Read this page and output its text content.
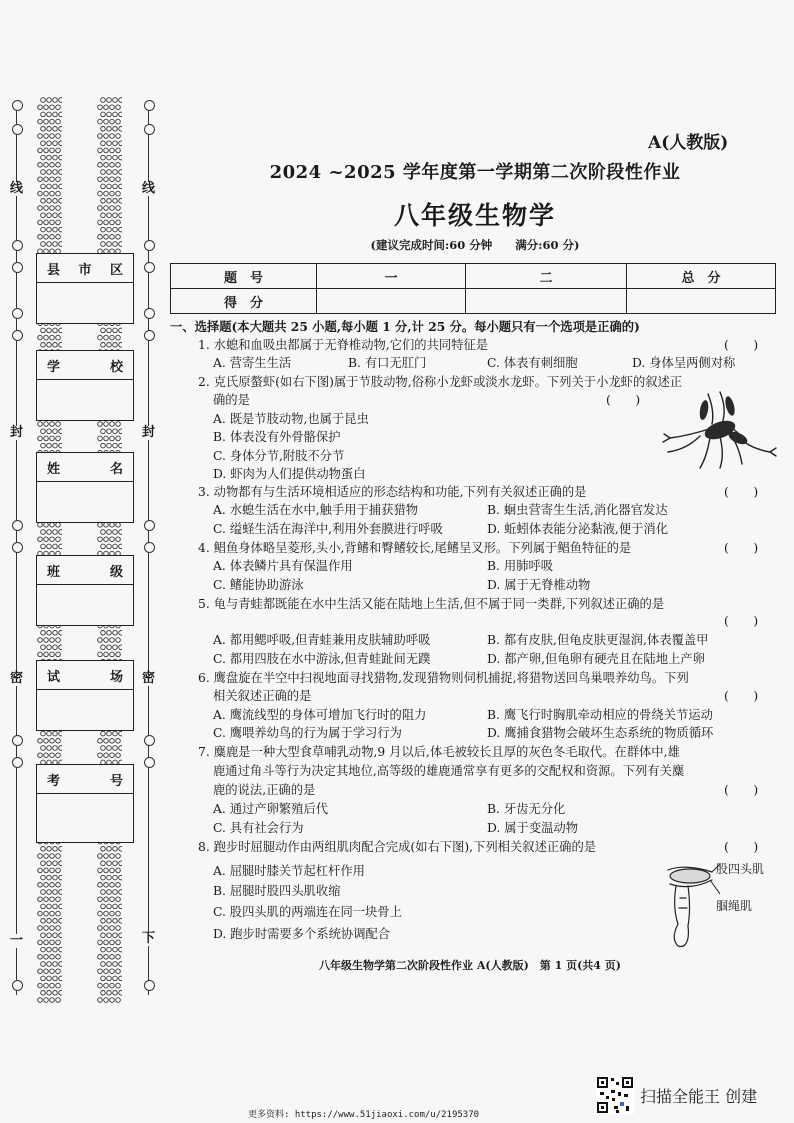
线	线
封	封
密	密
下
一
县 市 区
学	校
姓	名
班	级
试	场
考	号
A(人教版)
2024 ~2025 学年度第一学期第二次阶段性作业
八年级生物学
(建议完成时间:60 分钟　　满分:60 分)
题　号	一	二	总　分
得　分			
一、选择题(本大题共 25 小题,每小题 1 分,计 25 分。每小题只有一个选项是正确的)
1. 水螅和血吸虫都属于无脊椎动物,它们的共同特征是	(　　)
A. 营寄生生活	B. 有口无肛门	C. 体表有刺细胞	D. 身体呈两侧对称
2. 克氏原螯虾(如右下图)属于节肢动物,俗称小龙虾或淡水龙虾。下列关于小龙虾的叙述正
确的是	(　　)
A. 既是节肢动物,也属于昆虫
B. 体表没有外骨骼保护
C. 身体分节,附肢不分节
D. 虾肉为人们提供动物蛋白
3. 动物都有与生活环境相适应的形态结构和功能,下列有关叙述正确的是	(　　)
A. 水螅生活在水中,触手用于捕获猎物	B. 蛔虫营寄生生活,消化器官发达
C. 缢蛏生活在海洋中,利用外套膜进行呼吸	D. 蚯蚓体表能分泌黏液,便于消化
4. 鲳鱼身体略呈菱形,头小,背鳍和臀鳍较长,尾鳍呈叉形。下列属于鲳鱼特征的是	(　　)
A. 体表鳞片具有保温作用	B. 用肺呼吸
C. 鳍能协助游泳	D. 属于无脊椎动物
5. 龟与青蛙都既能在水中生活又能在陆地上生活,但不属于同一类群,下列叙述正确的是
(　　)
A. 都用鳃呼吸,但青蛙兼用皮肤辅助呼吸	B. 都有皮肤,但龟皮肤更湿润,体表覆盖甲
C. 都用四肢在水中游泳,但青蛙趾间无蹼	D. 都产卵,但龟卵有硬壳且在陆地上产卵
6. 鹰盘旋在半空中扫视地面寻找猎物,发现猎物则伺机捕捉,将猎物送回鸟巢喂养幼鸟。下列
相关叙述正确的是	(　　)
A. 鹰流线型的身体可增加飞行时的阻力	B. 鹰飞行时胸肌牵动相应的骨绕关节运动
C. 鹰喂养幼鸟的行为属于学习行为	D. 鹰捕食猎物会破坏生态系统的物质循环
7. 麋鹿是一种大型食草哺乳动物,9 月以后,体毛被较长且厚的灰色冬毛取代。在群体中,雄
鹿通过角斗等行为决定其地位,高等级的雄鹿通常享有更多的交配权和资源。下列有关麋
鹿的说法,正确的是	(　　)
A. 通过产卵繁殖后代	B. 牙齿无分化
C. 具有社会行为	D. 属于变温动物
8. 跑步时屈腿动作由两组肌肉配合完成(如右下图),下列相关叙述正确的是	(　　)
A. 屈腿时膝关节起杠杆作用
B. 屈腿时股四头肌收缩
C. 股四头肌的两端连在同一块骨上
D. 跑步时需要多个系统协调配合
股四头肌
腘绳肌
八年级生物学第二次阶段性作业 A(人教版)　第 1 页(共4 页)
扫描全能王 创建
更多资料: https://www.51jiaoxi.com/u/2195370
